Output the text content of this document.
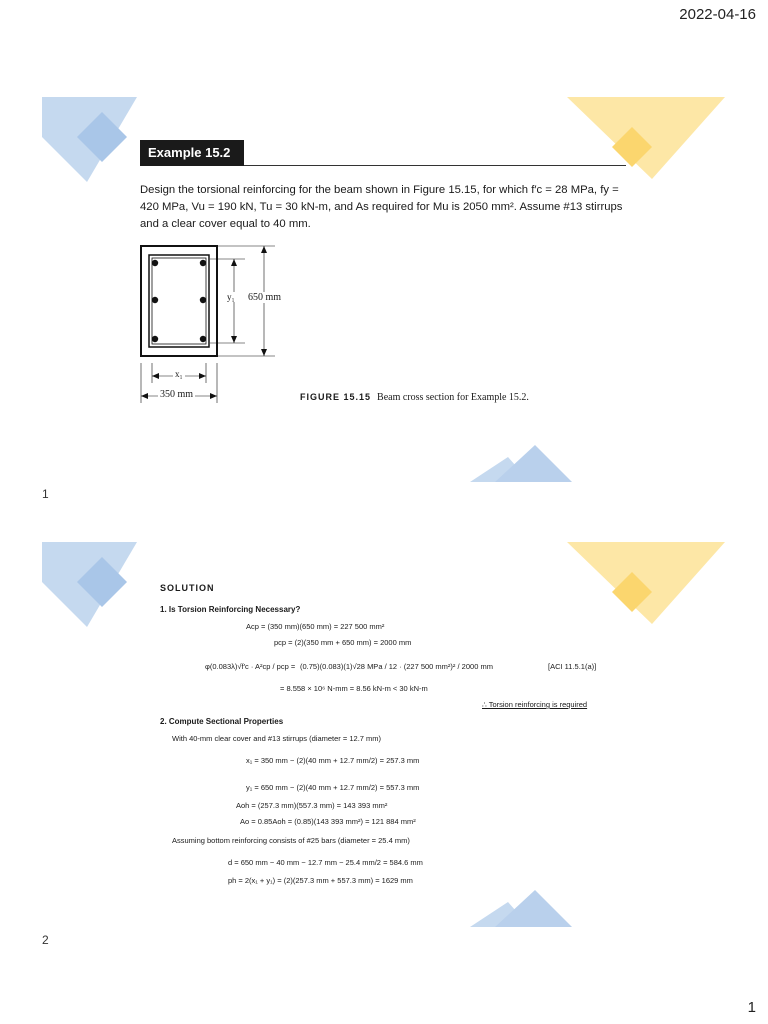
2022-04-16
1
Example 15.2
Design the torsional reinforcing for the beam shown in Figure 15.15, for which f′c = 28 MPa, fy = 420 MPa, Vu = 190 kN, Tu = 30 kN-m, and As required for Mu is 2050 mm². Assume #13 stirrups and a clear cover equal to 40 mm.
y₁ 650 mm
x₁
350 mm	FIGURE 15.15 Beam cross section for Example 15.2.
1
SOLUTION
1. Is Torsion Reinforcing Necessary?
Acp = (350 mm)(650 mm) = 227 500 mm²
pcp = (2)(350 mm + 650 mm) = 2000 mm
φ(0.083λ)√f′c · A²cp / pcp = (0.75)(0.083)(1)√28 MPa / 12 · (227 500 mm²)² / 2000 mm	[ACI 11.5.1(a)]
= 8.558 × 10⁶ N-mm = 8.56 kN-m < 30 kN-m
∴ Torsion reinforcing is required
2. Compute Sectional Properties
With 40-mm clear cover and #13 stirrups (diameter = 12.7 mm)
x₁ = 350 mm − (2)(40 mm + 12.7 mm/2) = 257.3 mm
y₁ = 650 mm − (2)(40 mm + 12.7 mm/2) = 557.3 mm
Aoh = (257.3 mm)(557.3 mm) = 143 393 mm²
Ao = 0.85Aoh = (0.85)(143 393 mm²) = 121 884 mm²
Assuming bottom reinforcing consists of #25 bars (diameter = 25.4 mm)
d = 650 mm − 40 mm − 12.7 mm − 25.4 mm/2 = 584.6 mm
ph = 2(x₁ + y₁) = (2)(257.3 mm + 557.3 mm) = 1629 mm
2
